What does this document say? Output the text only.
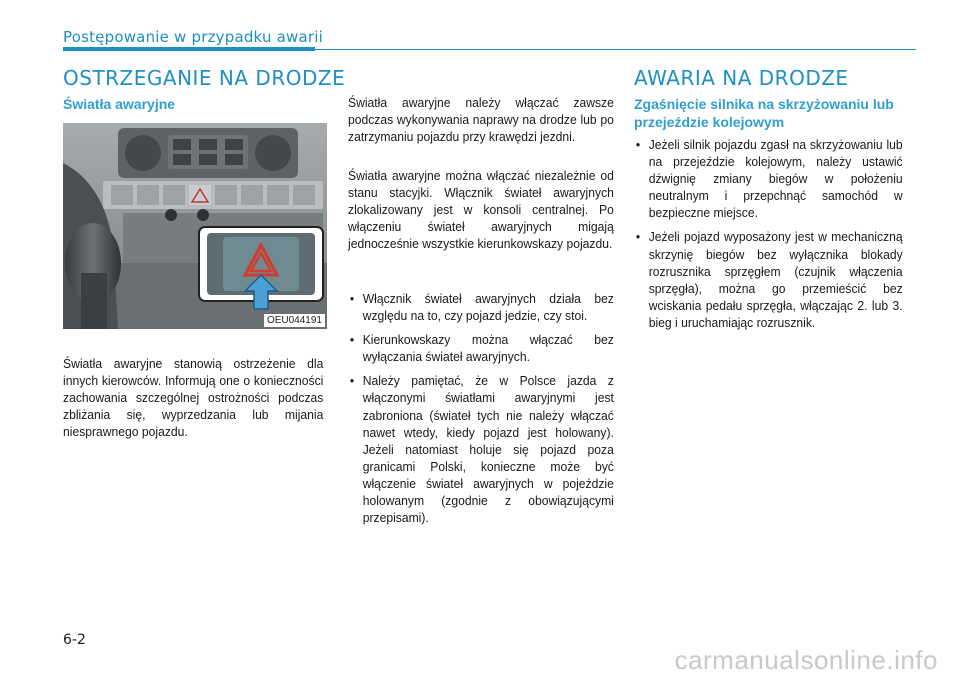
Postępowanie w przypadku awarii
OSTRZEGANIE NA DRODZE
Światła awaryjne
OEU044191

Światła awaryjne stanowią ostrzeżenie dla innych kierowców. Informują one o konieczności zachowania szczególnej ostrożności podczas zbliżania się, wyprzedzania lub mijania niesprawnego pojazdu.

Światła awaryjne należy włączać zawsze podczas wykonywania naprawy na drodze lub po zatrzymaniu pojazdu przy krawędzi jezdni.

Światła awaryjne można włączać niezależnie od stanu stacyjki. Włącznik świateł awaryjnych zlokalizowany jest w konsoli centralnej. Po włączeniu świateł awaryjnych migają jednocześnie wszystkie kierunkowskazy pojazdu.

• Włącznik świateł awaryjnych działa bez względu na to, czy pojazd jedzie, czy stoi.
• Kierunkowskazy można włączać bez wyłączania świateł awaryjnych.
• Należy pamiętać, że w Polsce jazda z włączonymi światłami awaryjnymi jest zabroniona (świateł tych nie należy włączać nawet wtedy, kiedy pojazd jest holowany). Jeżeli natomiast holuje się pojazd poza granicami Polski, konieczne może być włączenie świateł awaryjnych w pojeździe holowanym (zgodnie z obowiązującymi przepisami).
AWARIA NA DRODZE
Zgaśnięcie silnika na skrzyżowaniu lub przejeździe kolejowym
• Jeżeli silnik pojazdu zgasł na skrzyżowaniu lub na przejeździe kolejowym, należy ustawić dźwignię zmiany biegów w położeniu neutralnym i przepchnąć samochód w bezpieczne miejsce.
• Jeżeli pojazd wyposażony jest w mechaniczną skrzynię biegów bez wyłącznika blokady rozrusznika sprzęgłem (czujnik włączenia sprzęgła), można go przemieścić bez wciskania pedału sprzęgła, włączając 2. lub 3. bieg i uruchamiając rozrusznik.
6-2
carmanualsonline.info
